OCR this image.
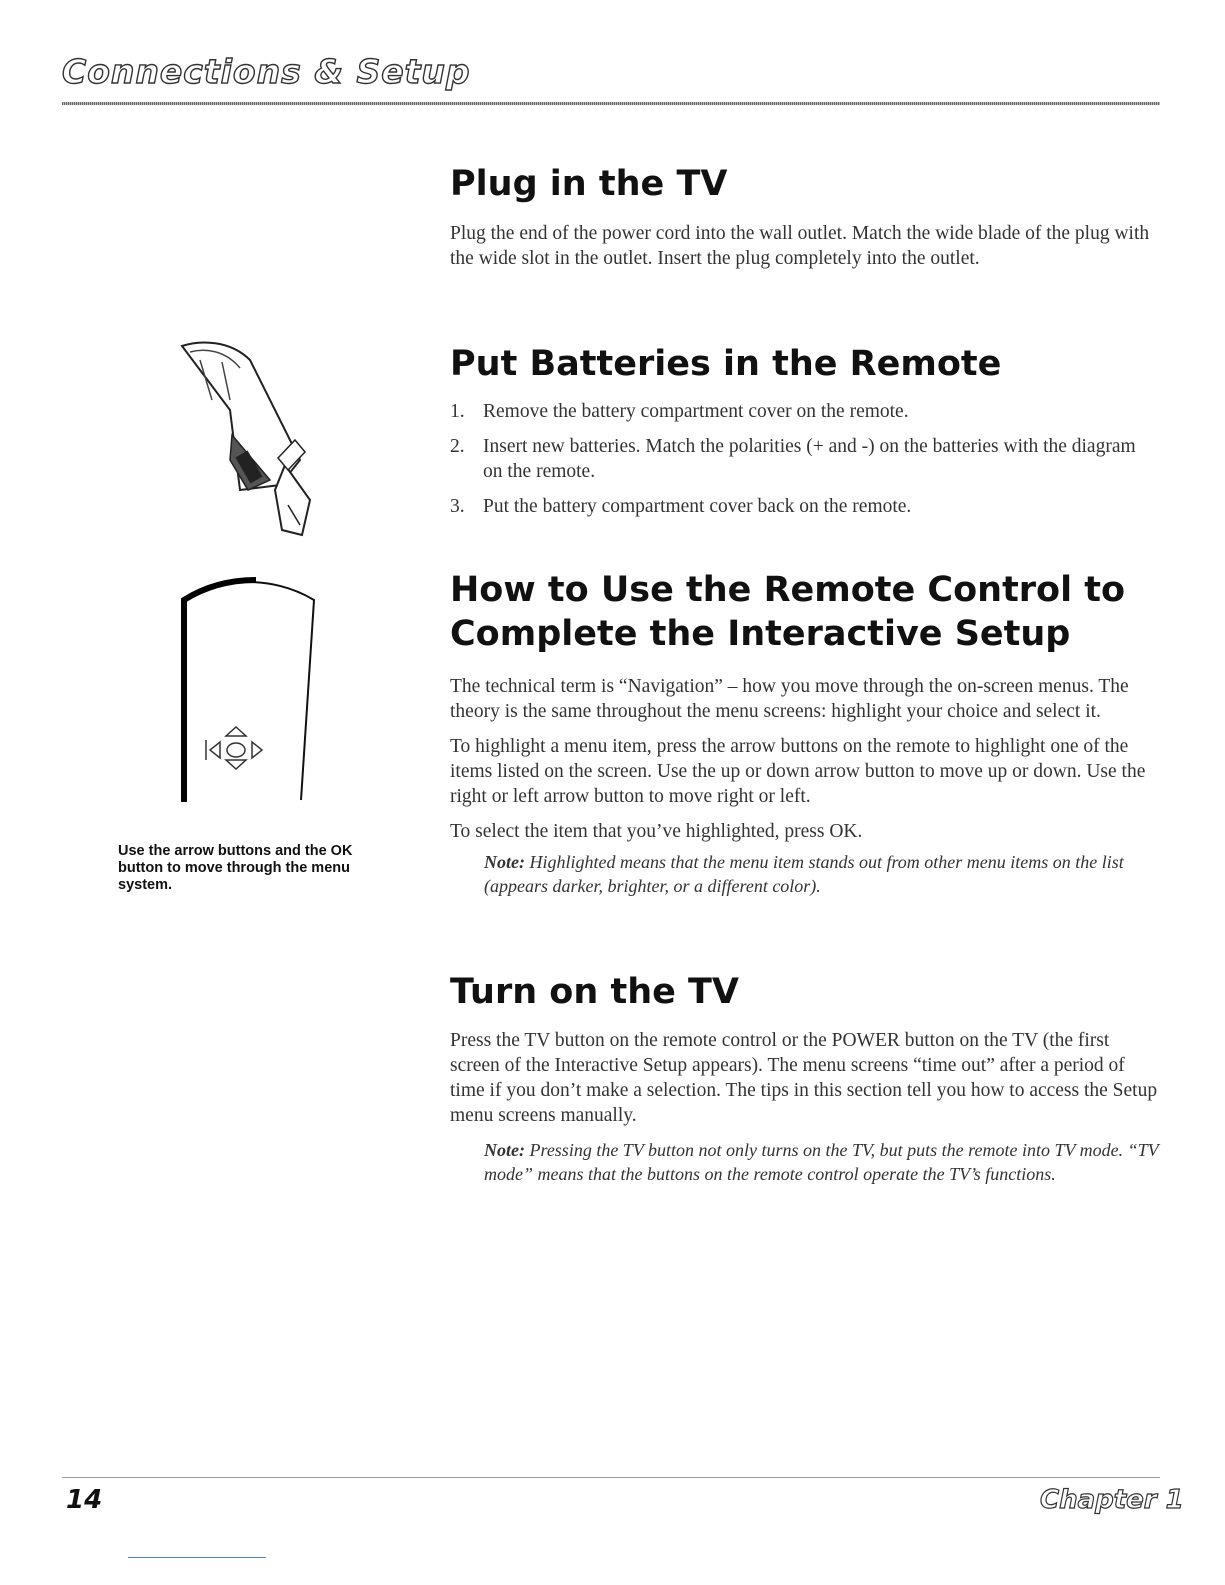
Connections & Setup
Use the arrow buttons and the OK button to move through the menu system.
Plug in the TV

Plug the end of the power cord into the wall outlet. Match the wide blade of the plug with the wide slot in the outlet. Insert the plug completely into the outlet.

Put Batteries in the Remote
1. Remove the battery compartment cover on the remote.
2. Insert new batteries. Match the polarities (+ and -) on the batteries with the diagram on the remote.
3. Put the battery compartment cover back on the remote.
How to Use the Remote Control to Complete the Interactive Setup

The technical term is “Navigation” – how you move through the on-screen menus. The theory is the same throughout the menu screens: highlight your choice and select it.

To highlight a menu item, press the arrow buttons on the remote to highlight one of the items listed on the screen. Use the up or down arrow button to move up or down. Use the right or left arrow button to move right or left.

To select the item that you’ve highlighted, press OK.

Note: Highlighted means that the menu item stands out from other menu items on the list (appears darker, brighter, or a different color).

Turn on the TV

Press the TV button on the remote control or the POWER button on the TV (the first screen of the Interactive Setup appears). The menu screens “time out” after a period of time if you don’t make a selection. The tips in this section tell you how to access the Setup menu screens manually.

Note: Pressing the TV button not only turns on the TV, but puts the remote into TV mode. “TV mode” means that the buttons on the remote control operate the TV’s functions.

14	Chapter 1
